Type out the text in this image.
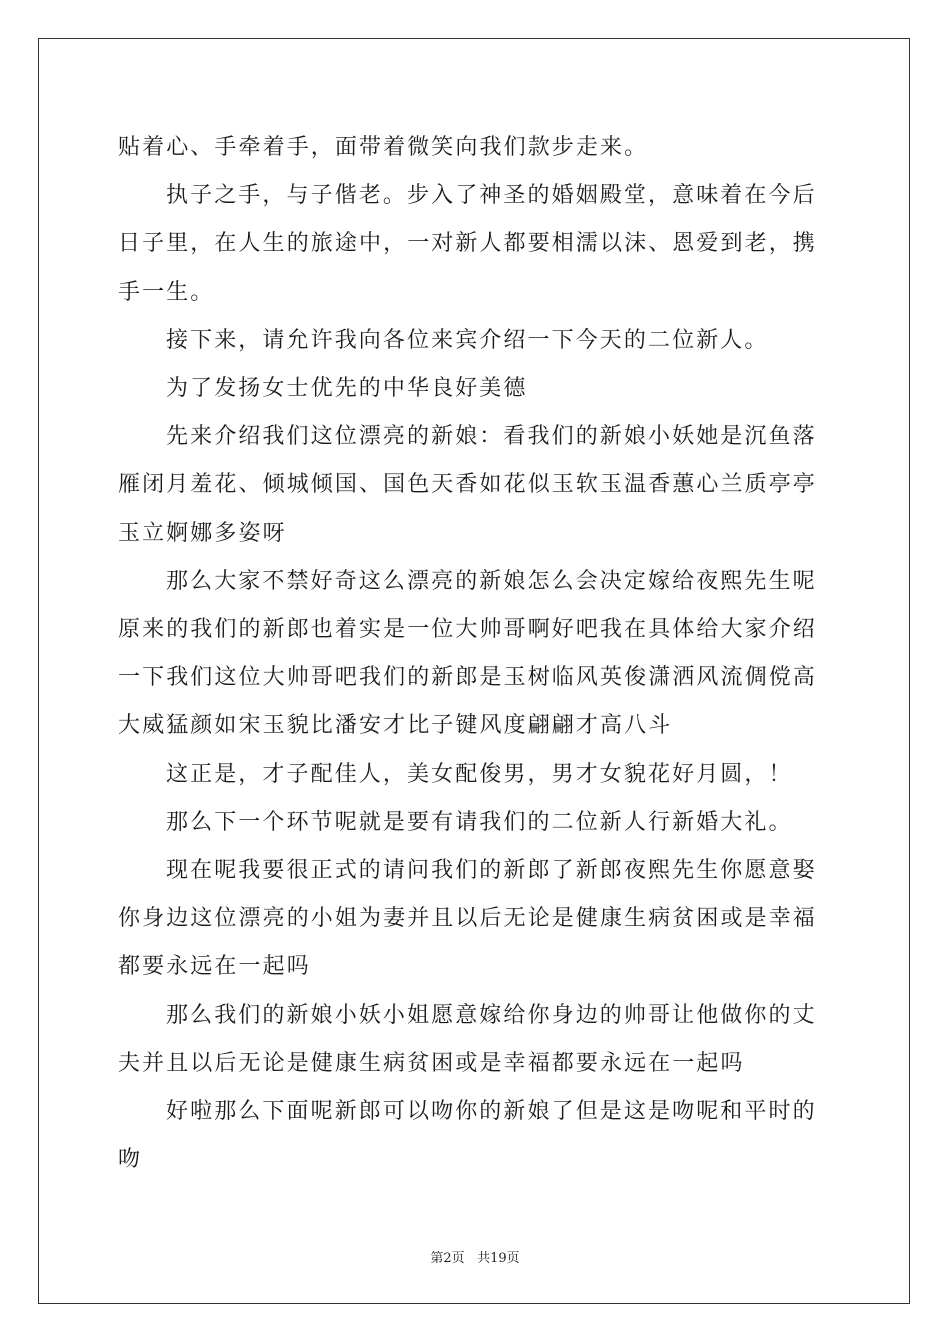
贴着心、手牵着手，面带着微笑向我们款步走来。

执子之手，与子偕老。步入了神圣的婚姻殿堂，意味着在今后日子里，在人生的旅途中，一对新人都要相濡以沫、恩爱到老，携手一生。

接下来，请允许我向各位来宾介绍一下今天的二位新人。

为了发扬女士优先的中华良好美德

先来介绍我们这位漂亮的新娘：看我们的新娘小妖她是沉鱼落雁闭月羞花、倾城倾国、国色天香如花似玉软玉温香蕙心兰质亭亭玉立婀娜多姿呀

那么大家不禁好奇这么漂亮的新娘怎么会决定嫁给夜熙先生呢原来的我们的新郎也着实是一位大帅哥啊好吧我在具体给大家介绍一下我们这位大帅哥吧我们的新郎是玉树临风英俊潇洒风流倜傥高大威猛颜如宋玉貌比潘安才比子键风度翩翩才高八斗

这正是，才子配佳人，美女配俊男，男才女貌花好月圆，！

那么下一个环节呢就是要有请我们的二位新人行新婚大礼。

现在呢我要很正式的请问我们的新郎了新郎夜熙先生你愿意娶你身边这位漂亮的小姐为妻并且以后无论是健康生病贫困或是幸福都要永远在一起吗

那么我们的新娘小妖小姐愿意嫁给你身边的帅哥让他做你的丈夫并且以后无论是健康生病贫困或是幸福都要永远在一起吗

好啦那么下面呢新郎可以吻你的新娘了但是这是吻呢和平时的吻

第2页 共19页
